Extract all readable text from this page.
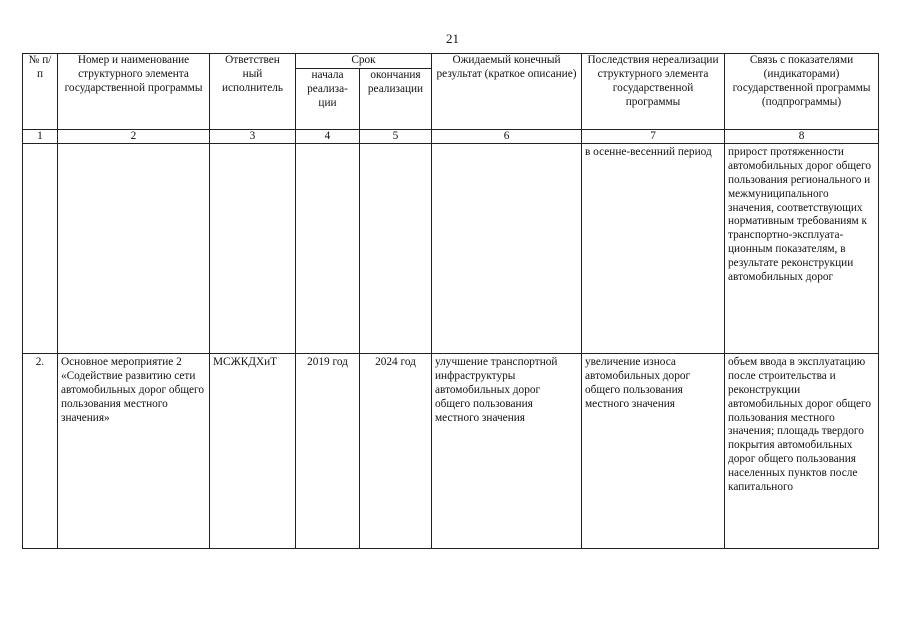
21
№ п/п	Номер и наименование структурного элемента государственной программы	Ответствен
ный
исполнитель	Срок		Ожидаемый конечный результат (краткое описание)	Последствия нереализации структурного элемента государственной программы	Связь с показателями (индикаторами) государственной программы (подпрограммы)
			начала
реализа-
ции	окончания
реализации			
1	2	3	4	5	6	7	8
						в осенне-весенний период	прирост протяженности автомобильных дорог общего пользования регионального и межмуниципального значения, соответствующих нормативным требованиям к транспортно-эксплуата-ционным показателям, в результате реконструкции автомобильных дорог
2.	Основное мероприятие 2 «Содействие развитию сети автомобильных дорог общего пользования местного значения»	МСЖКДХиТ	2019 год	2024 год	улучшение транспортной инфраструктуры автомобильных дорог общего пользования местного значения	увеличение износа автомобильных дорог общего пользования местного значения	объем ввода в эксплуатацию после строительства и реконструкции автомобильных дорог общего пользования местного значения; площадь твердого покрытия автомобильных дорог общего пользования населенных пунктов после капитального
